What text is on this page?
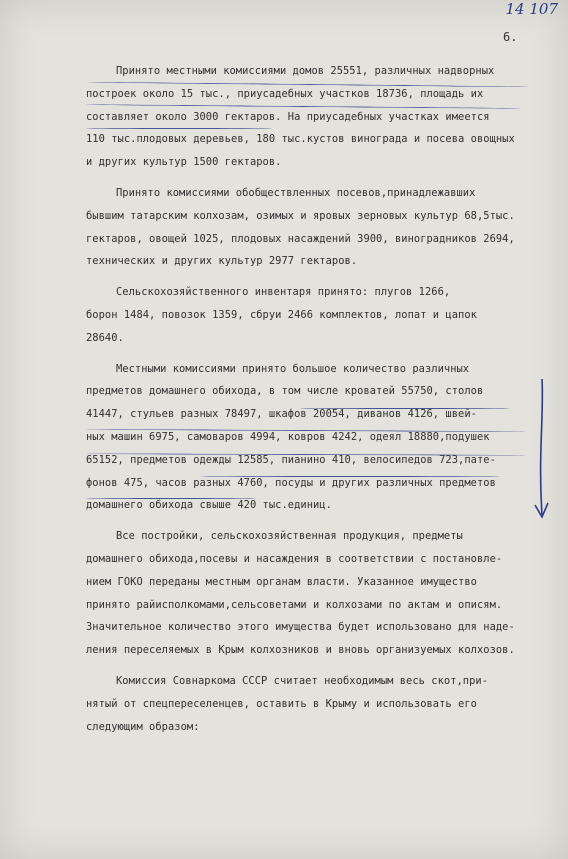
14 107
6.
Принято местными комиссиями домов 25551, различных надворных
построек около 15 тыс., приусадебных участков 18736, площадь их
составляет около 3000 гектаров. На приусадебных участках имеется
110 тыс.плодовых деревьев, 180 тыс.кустов винограда и посева овощных
и других культур 1500 гектаров.
Принято комиссиями обобществленных посевов,принадлежавших
бывшим татарским колхозам, озимых и яровых зерновых культур 68,5тыс.
гектаров, овощей 1025, плодовых насаждений 3900, виноградников 2694,
технических и других культур 2977 гектаров.
Сельскохозяйственного инвентаря принято: плугов 1266,
борон 1484, повозок 1359, сбруи 2466 комплектов, лопат и цапок
28640.
Местными комиссиями принято большое количество различных
предметов домашнего обихода, в том числе кроватей 55750, столов
41447, стульев разных 78497, шкафов 20054, диванов 4126, швей-
ных машин 6975, самоваров 4994, ковров 4242, одеял 18880,подушек
65152, предметов одежды 12585, пианино 410, велосипедов 723,пате-
фонов 475, часов разных 4760, посуды и других различных предметов
домашнего обихода свыше 420 тыс.единиц.
Все постройки, сельскохозяйственная продукция, предметы
домашнего обихода,посевы и насаждения в соответствии с постановле-
нием ГОКО переданы местным органам власти. Указанное имущество
принято райисполкомами,сельсоветами и колхозами по актам и описям.
Значительное количество этого имущества будет использовано для наде-
ления переселяемых в Крым колхозников и вновь организуемых колхозов.
Комиссия Совнаркома СССР считает необходимым весь скот,при-
нятый от спецпереселенцев, оставить в Крыму и использовать его
следующим образом:
